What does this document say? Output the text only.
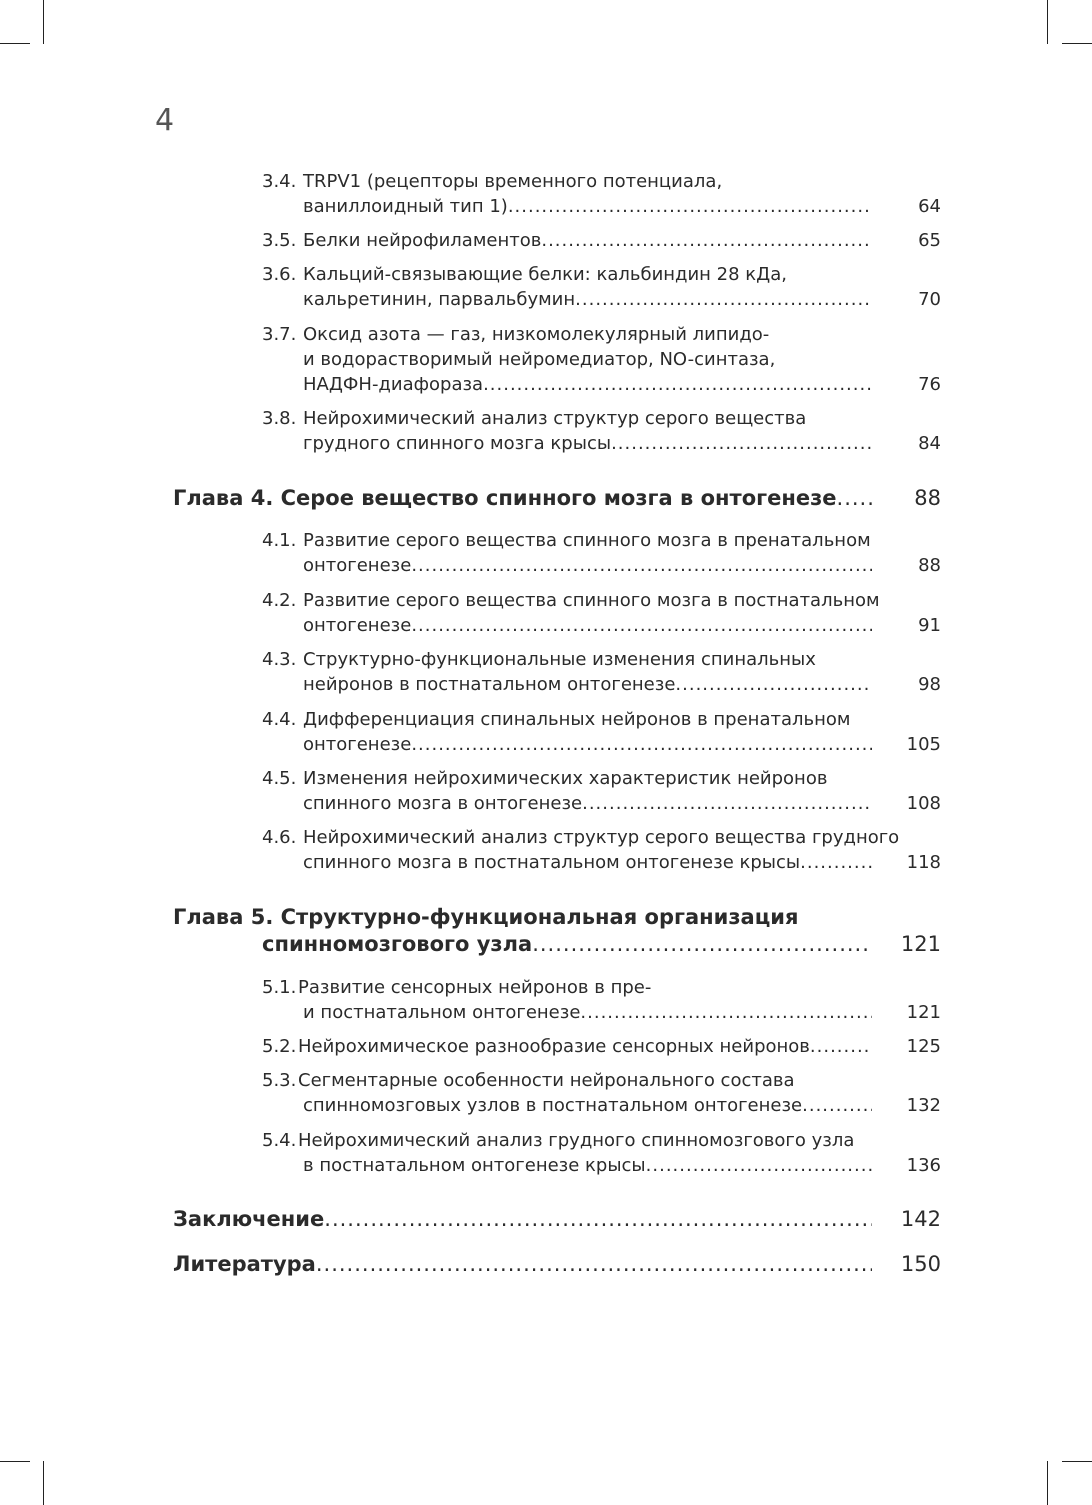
4
3.4. TRPV1 (рецепторы временного потенциала,
ваниллоидный тип 1) .....	64
3.5. Белки нейрофиламентов .....	65
3.6. Кальций-связывающие белки: кальбиндин 28 кДа,
кальретинин, парвальбумин .....	70
3.7. Оксид азота — газ, низкомолекулярный липидо-
и водорастворимый нейромедиатор, NO-синтаза,
НАДФН-диафораза .....	76
3.8. Нейрохимический анализ структур серого вещества
грудного спинного мозга крысы .....	84
Глава 4. Серое вещество спинного мозга в онтогенезе .....	88
4.1. Развитие серого вещества спинного мозга в пренатальном
онтогенезе .....	88
4.2. Развитие серого вещества спинного мозга в постнатальном
онтогенезе .....	91
4.3. Структурно-функциональные изменения спинальных
нейронов в постнатальном онтогенезе .....	98
4.4. Дифференциация спинальных нейронов в пренатальном
онтогенезе .....	105
4.5. Изменения нейрохимических характеристик нейронов
спинного мозга в онтогенезе .....	108
4.6. Нейрохимический анализ структур серого вещества грудного
спинного мозга в постнатальном онтогенезе крысы .....	118
Глава 5. Структурно-функциональная организация
спинномозгового узла .....	121
5.1. Развитие сенсорных нейронов в пре-
и постнатальном онтогенезе .....	121
5.2. Нейрохимическое разнообразие сенсорных нейронов .....	125
5.3. Сегментарные особенности нейронального состава
спинномозговых узлов в постнатальном онтогенезе .....	132
5.4. Нейрохимический анализ грудного спинномозгового узла
в постнатальном онтогенезе крысы .....	136
Заключение .....	142
Литература .....	150
